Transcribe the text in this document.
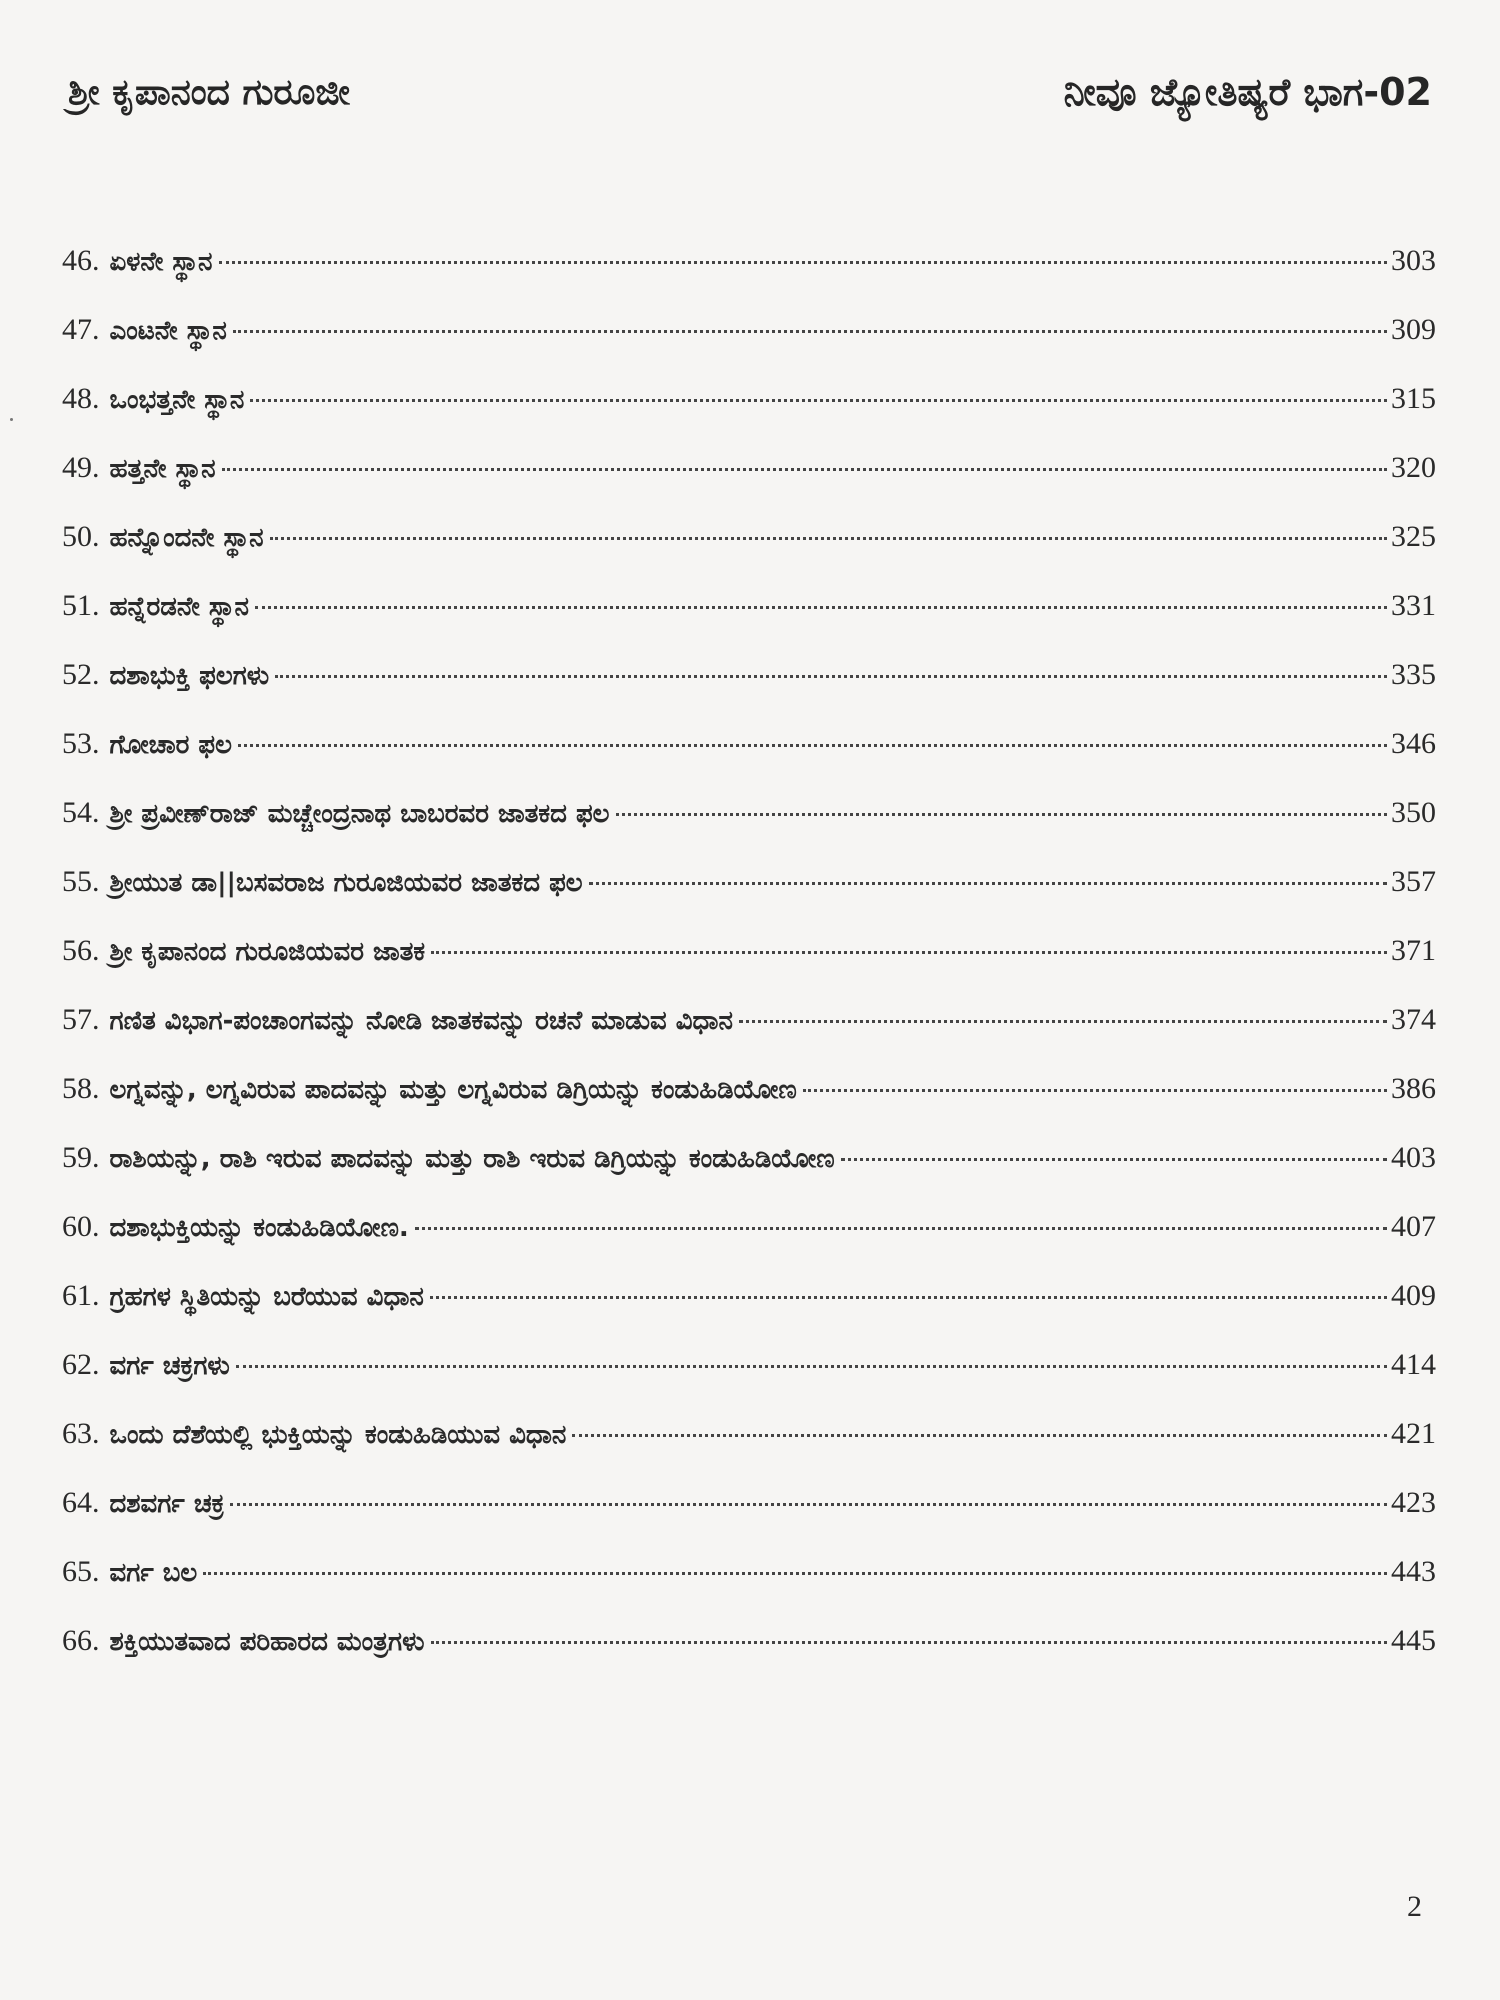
ಶ್ರೀ ಕೃಪಾನಂದ ಗುರೂಜೀ	ನೀವೂ ಜ್ಯೋತಿಷ್ಯರೆ ಭಾಗ-02
46. ಏಳನೇ ಸ್ಥಾನ	303
47. ಎಂಟನೇ ಸ್ಥಾನ	309
48. ಒಂಭತ್ತನೇ ಸ್ಥಾನ	315
49. ಹತ್ತನೇ ಸ್ಥಾನ	320
50. ಹನ್ನೊಂದನೇ ಸ್ಥಾನ	325
51. ಹನ್ನೆರಡನೇ ಸ್ಥಾನ	331
52. ದಶಾಭುಕ್ತಿ ಫಲಗಳು	335
53. ಗೋಚಾರ ಫಲ	346
54. ಶ್ರೀ ಪ್ರವೀಣ್‌ರಾಜ್ ಮಚ್ಚೇಂದ್ರನಾಥ ಬಾಬರವರ ಜಾತಕದ ಫಲ	350
55. ಶ್ರೀಯುತ ಡಾ||ಬಸವರಾಜ ಗುರೂಜಿಯವರ ಜಾತಕದ ಫಲ	357
56. ಶ್ರೀ ಕೃಪಾನಂದ ಗುರೂಜಿಯವರ ಜಾತಕ	371
57. ಗಣಿತ ವಿಭಾಗ-ಪಂಚಾಂಗವನ್ನು ನೋಡಿ ಜಾತಕವನ್ನು ರಚನೆ ಮಾಡುವ ವಿಧಾನ	374
58. ಲಗ್ನವನ್ನು, ಲಗ್ನವಿರುವ ಪಾದವನ್ನು ಮತ್ತು ಲಗ್ನವಿರುವ ಡಿಗ್ರಿಯನ್ನು ಕಂಡುಹಿಡಿಯೋಣ	386
59. ರಾಶಿಯನ್ನು, ರಾಶಿ ಇರುವ ಪಾದವನ್ನು ಮತ್ತು ರಾಶಿ ಇರುವ ಡಿಗ್ರಿಯನ್ನು ಕಂಡುಹಿಡಿಯೋಣ	403
60. ದಶಾಭುಕ್ತಿಯನ್ನು ಕಂಡುಹಿಡಿಯೋಣ.	407
61. ಗ್ರಹಗಳ ಸ್ಥಿತಿಯನ್ನು ಬರೆಯುವ ವಿಧಾನ	409
62. ವರ್ಗ ಚಕ್ರಗಳು	414
63. ಒಂದು ದೆಶೆಯಲ್ಲಿ ಭುಕ್ತಿಯನ್ನು ಕಂಡುಹಿಡಿಯುವ ವಿಧಾನ	421
64. ದಶವರ್ಗ ಚಕ್ರ	423
65. ವರ್ಗ ಬಲ	443
66. ಶಕ್ತಿಯುತವಾದ ಪರಿಹಾರದ ಮಂತ್ರಗಳು	445
2
